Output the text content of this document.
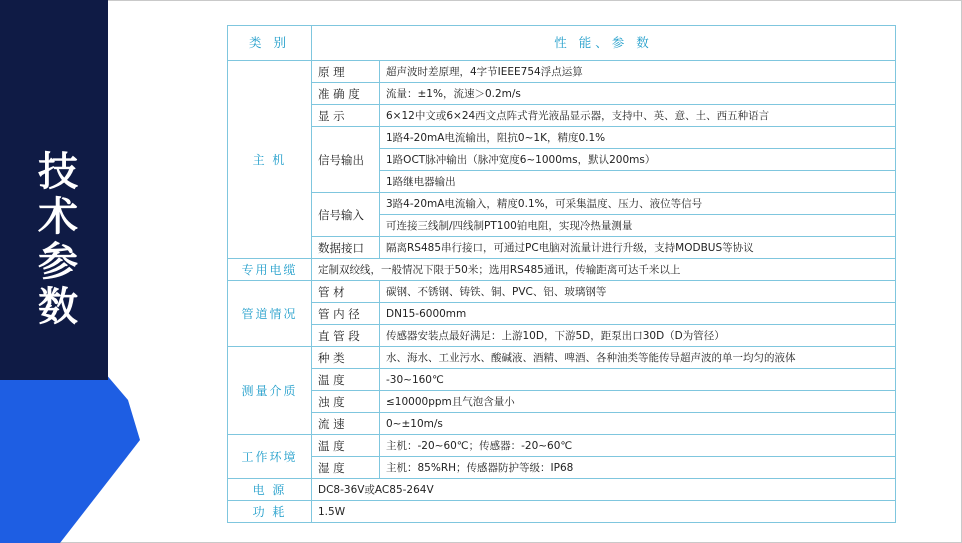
技
术
参
数
类 别	性 能、参 数	
主 机	原 理	超声波时差原理，4字节IEEE754浮点运算
	准 确 度	流量：±1%，流速＞0.2m/s
	显 示	6×12中文或6×24西文点阵式背光液晶显示器，支持中、英、意、土、西五种语言
	信号输出	1路4-20mA电流输出，阻抗0~1K，精度0.1%
		1路OCT脉冲输出（脉冲宽度6~1000ms，默认200ms）
		1路继电器输出
	信号输入	3路4-20mA电流输入，精度0.1%，可采集温度、压力、液位等信号
		可连接三线制/四线制PT100铂电阻，实现冷热量测量
	数据接口	隔离RS485串行接口，可通过PC电脑对流量计进行升级，支持MODBUS等协议
专用电缆	定制双绞线，一般情况下限于50米；选用RS485通讯，传输距离可达千米以上	
管道情况	管 材	碳钢、不锈钢、铸铁、铜、PVC、铝、玻璃钢等
	管 内 径	DN15-6000mm
	直 管 段	传感器安装点最好满足：上游10D，下游5D，距泵出口30D（D为管径）
测量介质	种 类	水、海水、工业污水、酸碱液、酒精、啤酒、各种油类等能传导超声波的单一均匀的液体
	温 度	-30~160℃
	浊 度	≤10000ppm且气泡含量小
	流 速	0~±10m/s
工作环境	温 度	主机：-20~60℃；传感器：-20~60℃
	湿 度	主机：85%RH；传感器防护等级：IP68
电 源	DC8-36V或AC85-264V	
功 耗	1.5W	
